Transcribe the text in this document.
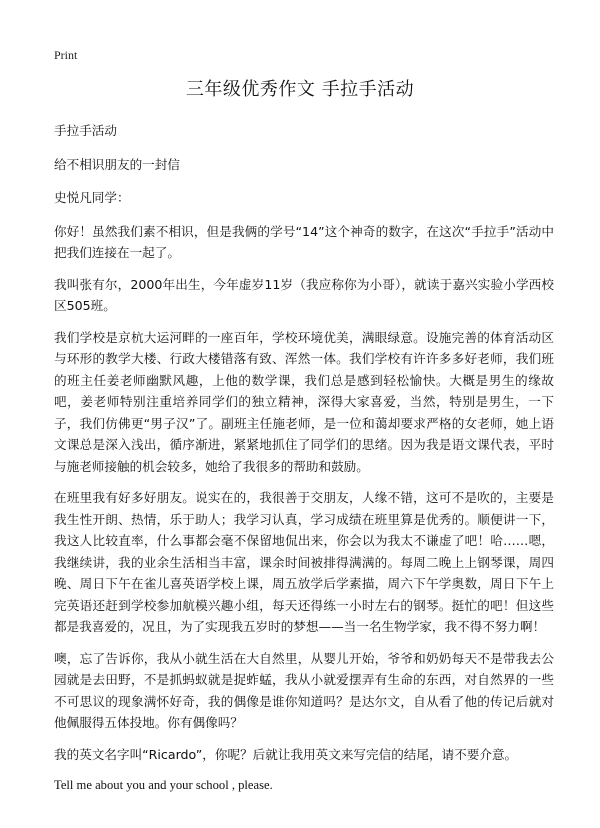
Print
三年级优秀作文 手拉手活动

手拉手活动

给不相识朋友的一封信

史悦凡同学：

你好！虽然我们素不相识，但是我俩的学号“14”这个神奇的数字，在这次“手拉手”活动中把我们连接在一起了。

我叫张有尔，2000年出生，今年虚岁11岁（我应称你为小哥），就读于嘉兴实验小学西校区505班。

我们学校是京杭大运河畔的一座百年，学校环境优美，满眼绿意。设施完善的体育活动区与环形的教学大楼、行政大楼错落有致、浑然一体。我们学校有许许多多好老师，我们班的班主任姜老师幽默风趣，上他的数学课，我们总是感到轻松愉快。大概是男生的缘故吧，姜老师特别注重培养同学们的独立精神，深得大家喜爱，当然，特别是男生，一下子，我们仿佛更“男子汉”了。副班主任施老师，是一位和蔼却要求严格的女老师，她上语文课总是深入浅出，循序渐进，紧紧地抓住了同学们的思绪。因为我是语文课代表，平时与施老师接触的机会较多，她给了我很多的帮助和鼓励。

在班里我有好多好朋友。说实在的，我很善于交朋友，人缘不错，这可不是吹的，主要是我生性开朗、热情，乐于助人；我学习认真，学习成绩在班里算是优秀的。顺便讲一下，我这人比较直率，什么事都会毫不保留地侃出来，你会以为我太不谦虚了吧！哈……嗯，我继续讲，我的业余生活相当丰富，课余时间被排得满满的。每周二晚上上钢琴课，周四晚、周日下午在雀儿喜英语学校上课，周五放学后学素描，周六下午学奥数，周日下午上完英语还赶到学校参加航模兴趣小组，每天还得练一小时左右的钢琴。挺忙的吧！但这些都是我喜爱的，况且，为了实现我五岁时的梦想——当一名生物学家，我不得不努力啊！

噢，忘了告诉你，我从小就生活在大自然里，从婴儿开始，爷爷和奶奶每天不是带我去公园就是去田野，不是抓蚂蚁就是捉蚱蜢，我从小就爱摆弄有生命的东西，对自然界的一些不可思议的现象满怀好奇，我的偶像是谁你知道吗？是达尔文，自从看了他的传记后就对他佩服得五体投地。你有偶像吗？

我的英文名字叫“Ricardo”，你呢？后就让我用英文来写完信的结尾，请不要介意。

Tell me about you and your school , please.
